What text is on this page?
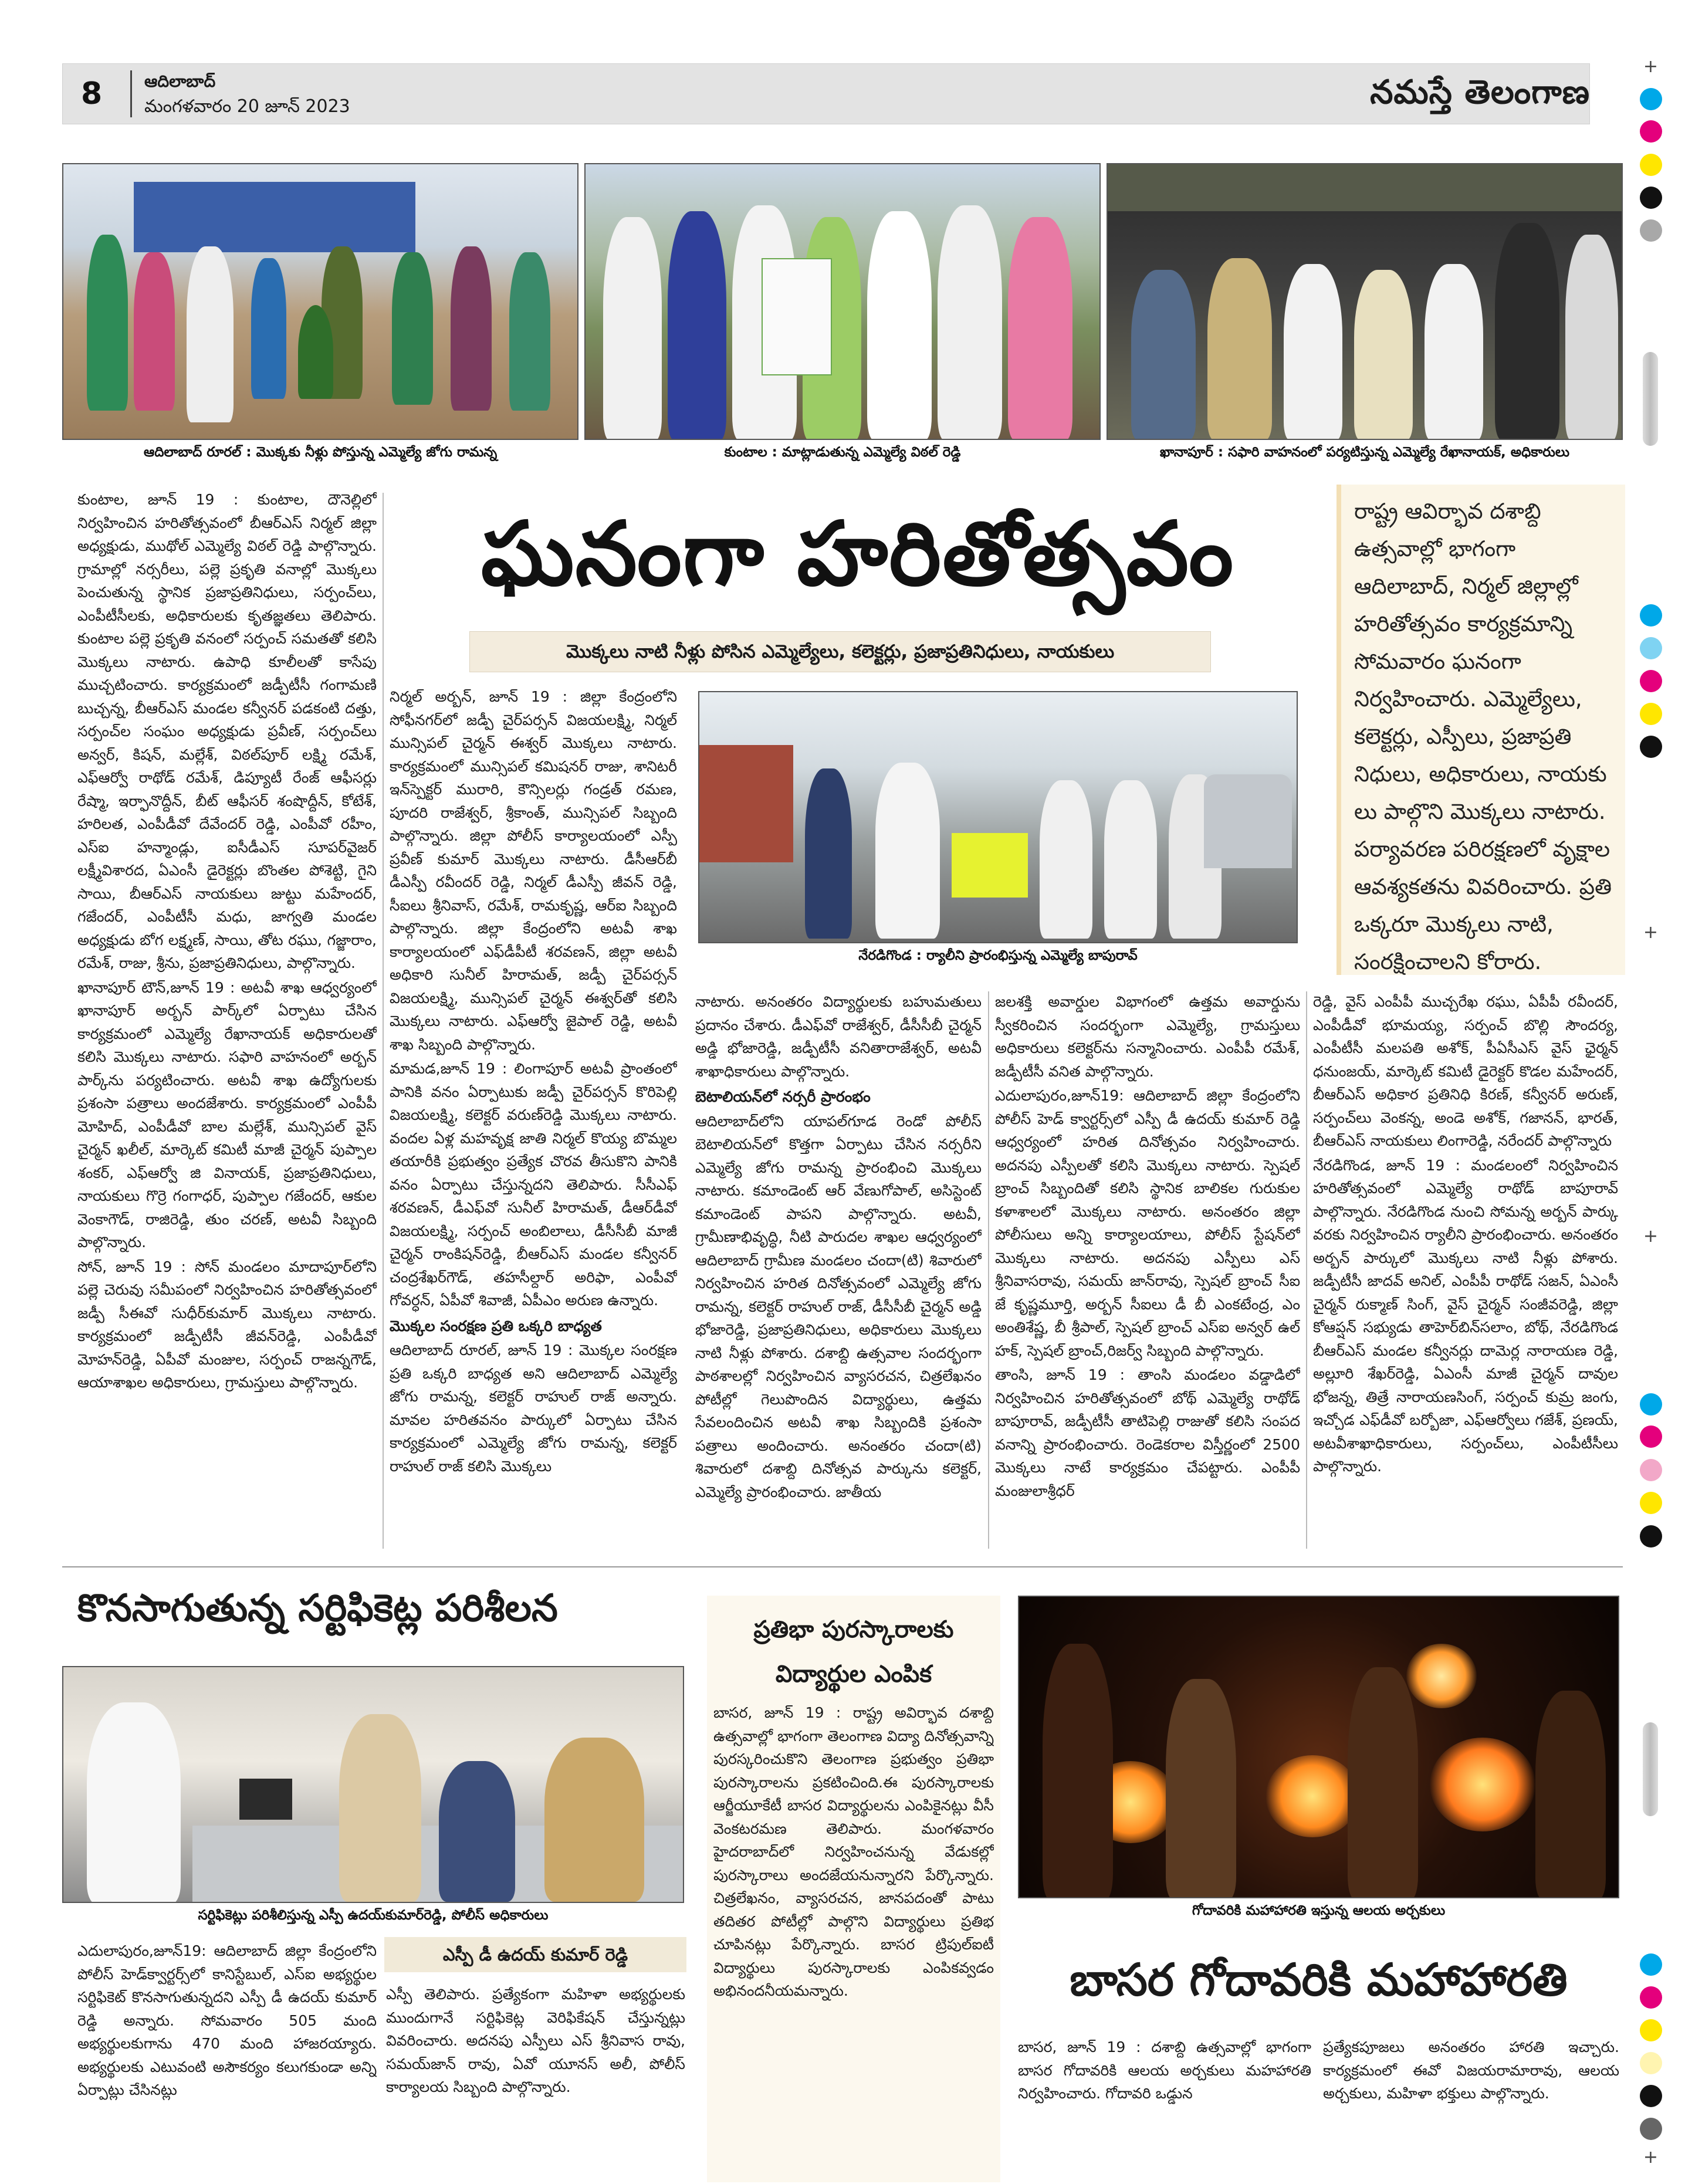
8	ఆదిలాబాద్
మంగళవారం 20 జూన్ 2023	నమస్తే తెలంగాణ
+
+
+
+
ఆదిలాబాద్ రూరల్ : మొక్కకు నీళ్లు పోస్తున్న ఎమ్మెల్యే జోగు రామన్న	కుంటాల : మాట్లాడుతున్న ఎమ్మెల్యే విఠల్ రెడ్డి	ఖానాపూర్ : సఫారి వాహనంలో పర్యటిస్తున్న ఎమ్మెల్యే రేఖానాయక్, అధికారులు
ఘనంగా హరితోత్సవం
మొక్కలు నాటి నీళ్లు పోసిన ఎమ్మెల్యేలు, కలెక్టర్లు, ప్రజాప్రతినిధులు, నాయకులు
రాష్ట్ర ఆవిర్భావ దశాబ్ది ఉత్సవాల్లో భాగంగా ఆదిలాబాద్, నిర్మల్ జిల్లాల్లో హరితోత్సవం కార్యక్రమాన్ని సోమవారం ఘనంగా నిర్వహించారు. ఎమ్మెల్యేలు, కలెక్టర్లు, ఎస్పీలు, ప్రజాప్రతి నిధులు, అధికారులు, నాయకు లు పాల్గొని మొక్కలు నాటారు. పర్యావరణ పరిరక్షణలో వృక్షాల ఆవశ్యకతను వివరించారు. ప్రతి ఒక్కరూ మొక్కలు నాటి, సంరక్షించాలని కోరారు.

కుంటాల, జూన్ 19 : కుంటాల, దౌనెల్లిలో నిర్వహించిన హరితోత్సవంలో బీఆర్ఎస్ నిర్మల్ జిల్లా అధ్యక్షుడు, ముథోల్ ఎమ్మెల్యే విఠల్ రెడ్డి పాల్గొన్నారు. గ్రామాల్లో నర్సరీలు, పల్లె ప్రకృతి వనాల్లో మొక్కలు పెంచుతున్న స్థానిక ప్రజాప్రతినిధులు, సర్పంచ్‌లు, ఎంపీటీసీలకు, అధికారులకు కృతజ్ఞతలు తెలిపారు. కుంటాల పల్లె ప్రకృతి వనంలో సర్పంచ్ సమతతో కలిసి మొక్కలు నాటారు. ఉపాధి కూలీలతో కాసేపు ముచ్చటించారు. కార్యక్రమంలో జడ్పీటీసీ గంగామణి బుచ్చన్న, బీఆర్ఎస్ మండల కన్వీనర్ పడకంటి దత్తు, సర్పంచ్‌ల సంఘం అధ్యక్షుడు ప్రవీణ్, సర్పంచ్‌లు అన్వర్, కిషన్, మల్లేశ్, విఠల్‌పూర్ లక్ష్మి రమేశ్, ఎఫ్ఆర్వో రాథోడ్ రమేశ్, డిప్యూటీ రేంజ్ ఆఫీసర్లు రేష్మా, ఇర్ఫానొద్దీన్, బీట్ ఆఫీసర్ శంషొద్దీన్, కోటేశ్, హరిలత, ఎంపీడీవో దేవేందర్ రెడ్డి, ఎంపీవో రహీం, ఎస్‌ఐ హన్మాండ్లు, ఐసీడీఎస్ సూపర్‌వైజర్ లక్ష్మీవిశారద, ఏఎంసీ డైరెక్టర్లు బొంతల పోశెట్టి, గైని సాయి, బీఆర్ఎస్ నాయకులు జుట్టు మహేందర్, గజేందర్, ఎంపీటీసీ మధు, జాగ్వతి మండల అధ్యక్షుడు బోగ లక్ష్మణ్, సాయి, తోట రఘు, గజ్జారాం, రమేశ్, రాజు, శ్రీను, ప్రజాప్రతినిధులు, పాల్గొన్నారు.

ఖానాపూర్ టౌన్,జూన్ 19 : అటవీ శాఖ ఆధ్వర్యంలో ఖానాపూర్ అర్బన్ పార్క్‌లో ఏర్పాటు చేసిన కార్యక్రమంలో ఎమ్మెల్యే రేఖానాయక్ అధికారులతో కలిసి మొక్కలు నాటారు. సఫారి వాహనంలో అర్బన్ పార్క్‌ను పర్యటించారు. అటవీ శాఖ ఉద్యోగులకు ప్రశంసా పత్రాలు అందజేశారు. కార్యక్రమంలో ఎంపీపీ మోహిద్, ఎంపీడీవో బాల మల్లేశ్, మున్సిపల్ వైస్ చైర్మన్ ఖలీల్, మార్కెట్ కమిటీ మాజీ చైర్మన్ పుప్పాల శంకర్, ఎఫ్ఆర్వో జి వినాయక్, ప్రజాప్రతినిధులు, నాయకులు గొర్రె గంగాధర్, పుప్పాల గజేందర్, ఆకుల వెంకాగౌడ్, రాజిరెడ్డి, తుం చరణ్, అటవీ సిబ్బంది పాల్గొన్నారు.

సోన్, జూన్ 19 : సోన్ మండలం మాదాపూర్‌లోని పల్లె చెరువు సమీపంలో నిర్వహించిన హరితోత్సవంలో జడ్పీ సీఈవో సుధీర్‌కుమార్ మొక్కలు నాటారు. కార్యక్రమంలో జడ్పీటీసీ జీవన్‌రెడ్డి, ఎంపీడీవో మోహన్‌రెడ్డి, ఏపీవో మంజుల, సర్పంచ్ రాజన్నగౌడ్, ఆయాశాఖల అధికారులు, గ్రామస్తులు పాల్గొన్నారు.

నిర్మల్ అర్బన్, జూన్ 19 : జిల్లా కేంద్రంలోని సోఫీనగర్‌లో జడ్పీ చైర్‌పర్సన్ విజయలక్ష్మి, నిర్మల్ మున్సిపల్ చైర్మన్ ఈశ్వర్ మొక్కలు నాటారు. కార్యక్రమంలో మున్సిపల్ కమిషనర్ రాజు, శానిటరీ ఇన్‌స్పెక్టర్ మురారి, కౌన్సిలర్లు గండ్రత్ రమణ, పూదరి రాజేశ్వర్, శ్రీకాంత్, మున్సిపల్ సిబ్బంది పాల్గొన్నారు. జిల్లా పోలీస్ కార్యాలయంలో ఎస్పీ ప్రవీణ్ కుమార్ మొక్కలు నాటారు. డీసీఆర్‌బీ డీఎస్పీ రవీందర్ రెడ్డి, నిర్మల్ డీఎస్పీ జీవన్ రెడ్డి, సీఐలు శ్రీనివాస్, రమేశ్, రామకృష్ణ, ఆర్ఐ సిబ్బంది పాల్గొన్నారు. జిల్లా కేంద్రంలోని అటవీ శాఖ కార్యాలయంలో ఎఫ్‌డీపీటీ శరవణన్, జిల్లా అటవీ అధికారి సునీల్ హిరామత్, జడ్పీ చైర్‌పర్సన్ విజయలక్ష్మి, మున్సిపల్ చైర్మన్ ఈశ్వర్‌తో కలిసి మొక్కలు నాటారు. ఎఫ్ఆర్వో జైపాల్ రెడ్డి, అటవీ శాఖ సిబ్బంది పాల్గొన్నారు.

మామడ,జూన్ 19 : లింగాపూర్ అటవీ ప్రాంతంలో పానికి వనం ఏర్పాటుకు జడ్పీ చైర్‌పర్సన్ కొరిపెల్లి విజయలక్ష్మి, కలెక్టర్ వరుణ్‌రెడ్డి మొక్కలు నాటారు. వందల ఏళ్ల మహవృక్ష జాతి నిర్మల్ కొయ్య బొమ్మల తయారీకి ప్రభుత్వం ప్రత్యేక చొరవ తీసుకొని పానికి వనం ఏర్పాటు చేస్తున్నదని తెలిపారు. సీసీఎఫ్ శరవణన్, డీఎఫ్‌వో సునీల్ హిరామత్, డీఆర్‌డీవో విజయలక్ష్మి, సర్పంచ్ అంబిలాలు, డీసీసీబీ మాజీ చైర్మన్ రాంకిషన్‌రెడ్డి, బీఆర్ఎస్ మండల కన్వీనర్ చంద్రశేఖర్‌గౌడ్, తహసీల్దార్ అరిఫా, ఎంపీవో గోవర్ధన్, ఏపీవో శివాజీ, ఏపీఎం అరుణ ఉన్నారు.

మొక్కల సంరక్షణ ప్రతి ఒక్కరి బాధ్యత

ఆదిలాబాద్ రూరల్, జూన్ 19 : మొక్కల సంరక్షణ ప్రతి ఒక్కరి బాధ్యత అని ఆదిలాబాద్ ఎమ్మెల్యే జోగు రామన్న, కలెక్టర్ రాహుల్ రాజ్ అన్నారు. మావల హరితవనం పార్కులో ఏర్పాటు చేసిన కార్యక్రమంలో ఎమ్మెల్యే జోగు రామన్న, కలెక్టర్ రాహుల్ రాజ్ కలిసి మొక్కలు

నేరడిగొండ : ర్యాలీని ప్రారంభిస్తున్న ఎమ్మెల్యే బాపురావ్

నాటారు. అనంతరం విద్యార్థులకు బహుమతులు ప్రదానం చేశారు. డీఎఫ్‌వో రాజేశ్వర్, డీసీసీబీ చైర్మన్ అడ్డి భోజారెడ్డి, జడ్పీటీసీ వనితారాజేశ్వర్, అటవీ శాఖాధికారులు పాల్గొన్నారు.

బెటాలియన్‌లో నర్సరీ ప్రారంభం

ఆదిలాబాద్‌లోని యాపల్‌గూడ రెండో పోలీస్ బెటాలియన్‌లో కొత్తగా ఏర్పాటు చేసిన నర్సరీని ఎమ్మెల్యే జోగు రామన్న ప్రారంభించి మొక్కలు నాటారు. కమాండెంట్ ఆర్ వేణుగోపాల్, అసిస్టెంట్ కమాండెంట్ పాపని పాల్గొన్నారు. అటవీ, గ్రామీణాభివృద్ధి, నీటి పారుదల శాఖల ఆధ్వర్యంలో ఆదిలాబాద్ గ్రామీణ మండలం చందా(టి) శివారులో నిర్వహించిన హరిత దినోత్సవంలో ఎమ్మెల్యే జోగు రామన్న, కలెక్టర్ రాహుల్ రాజ్, డీసీసీబీ చైర్మన్ అడ్డి భోజారెడ్డి, ప్రజాప్రతినిధులు, అధికారులు మొక్కలు నాటి నీళ్లు పోశారు. దశాబ్ది ఉత్సవాల సందర్భంగా పాఠశాలల్లో నిర్వహించిన వ్యాసరచన, చిత్రలేఖనం పోటీల్లో గెలుపొందిన విద్యార్థులు, ఉత్తమ సేవలందించిన అటవీ శాఖ సిబ్బందికి ప్రశంసా పత్రాలు అందించారు. అనంతరం చందా(టి) శివారులో దశాబ్ది దినోత్సవ పార్కును కలెక్టర్, ఎమ్మెల్యే ప్రారంభించారు. జాతీయ

జలశక్తి అవార్డుల విభాగంలో ఉత్తమ అవార్డును స్వీకరించిన సందర్భంగా ఎమ్మెల్యే, గ్రామస్తులు అధికారులు కలెక్టర్‌ను సన్మానించారు. ఎంపీపీ రమేశ్, జడ్పీటీసీ వనిత పాల్గొన్నారు.

ఎదులాపురం,జూన్19: ఆదిలాబాద్ జిల్లా కేంద్రంలోని పోలీస్ హెడ్ క్వార్టర్స్‌లో ఎస్పీ డీ ఉదయ్ కుమార్ రెడ్డి ఆధ్వర్యంలో హరిత దినోత్సవం నిర్వహించారు. అదనపు ఎస్పీలతో కలిసి మొక్కలు నాటారు. స్పెషల్ బ్రాంచ్ సిబ్బందితో కలిసి స్థానిక బాలికల గురుకుల కళాశాలలో మొక్కలు నాటారు. అనంతరం జిల్లా పోలీసులు అన్ని కార్యాలయాలు, పోలీస్ స్టేషన్‌లో మొక్కలు నాటారు. అదనపు ఎస్పీలు ఎస్ శ్రీనివాసరావు, సమయ్ జాన్‌రావు, స్పెషల్ బ్రాంచ్ సీఐ జే కృష్ణమూర్తి, అర్బన్ సీఐలు డీ బీ ఎంకటేంద్ర, ఎం అంతిశేష్ణ, బీ శ్రీపాల్, స్పెషల్ బ్రాంచ్ ఎస్‌ఐ అన్వర్ ఉల్ హక్, స్పెషల్ బ్రాంచ్,రిజర్వ్ సిబ్బంది పాల్గొన్నారు.

తాంసి, జూన్ 19 : తాంసి మండలం వడ్డాడిలో నిర్వహించిన హరితోత్సవంలో బోథ్ ఎమ్మెల్యే రాథోడ్ బాపూరావ్, జడ్పీటీసీ తాటిపెల్లి రాజుతో కలిసి సంపద వనాన్ని ప్రారంభించారు. రెండెకరాల విస్తీర్ణంలో 2500 మొక్కలు నాటే కార్యక్రమం చేపట్టారు. ఎంపీపీ మంజులాశ్రీధర్

రెడ్డి, వైస్ ఎంపీపీ ముచ్చరేఖ రఘు, ఏపీపీ రవీందర్, ఎంపీడీవో భూమయ్య, సర్పంచ్ బొల్లి సౌందర్య, ఎంపీటీసీ మలపతి అశోక్, పీఏసీఎస్ వైస్ ఛైర్మన్ ధనుంజయ్, మార్కెట్ కమిటీ డైరెక్టర్ కొడల మహేందర్, బీఆర్ఎస్ అధికార ప్రతినిధి కిరణ్, కన్వీనర్ అరుణ్, సర్పంచ్‌లు వెంకన్న, అండె అశోక్, గజానన్, భారత్, బీఆర్ఎస్ నాయకులు లింగారెడ్డి, నరేందర్ పాల్గొన్నారు

నేరడిగొండ, జూన్ 19 : మండలంలో నిర్వహించిన హరితోత్సవంలో ఎమ్మెల్యే రాథోడ్ బాపూరావ్ పాల్గొన్నారు. నేరడిగొండ నుంచి సోమన్న అర్బన్ పార్కు వరకు నిర్వహించిన ర్యాలీని ప్రారంభించారు. అనంతరం అర్బన్ పార్కులో మొక్కలు నాటి నీళ్లు పోశారు. జడ్పీటీసీ జాదవ్ అనిల్, ఎంపీపీ రాథోడ్ సజన్, ఏఎంసీ చైర్మన్ రుక్మాణ్ సింగ్, వైస్ చైర్మన్ సంజీవరెడ్డి, జిల్లా కోఆప్షన్ సభ్యుడు తాహెర్‌బిన్‌సలాం, బోథ్, నేరడిగొండ బీఆర్ఎస్ మండల కన్వీనర్లు దామెర్ల నారాయణ రెడ్డి, అల్లూరి శేఖర్‌రెడ్డి, ఏఎంసీ మాజీ చైర్మన్ దావుల భోజన్న, తిత్రే నారాయణసింగ్, సర్పంచ్ కుమ్ర జంగు, ఇచ్చోడ ఎఫ్‌డీవో బర్బోజా, ఎఫ్ఆర్వోలు గజేశ్, ప్రణయ్, అటవీశాఖాధికారులు, సర్పంచ్‌లు, ఎంపీటీసీలు పాల్గొన్నారు.

కొనసాగుతున్న సర్టిఫికెట్ల పరిశీలన
సర్టిఫికెట్లు పరిశీలిస్తున్న ఎస్పీ ఉదయ్‌కుమార్‌రెడ్డి, పోలీస్ అధికారులు
ఎస్పీ డీ ఉదయ్ కుమార్ రెడ్డి

ఎదులాపురం,జూన్19: ఆదిలాబాద్ జిల్లా కేంద్రంలోని పోలీస్ హెడ్‌క్వార్టర్స్‌లో కానిస్టేబుల్, ఎస్‌ఐ అభ్యర్థుల సర్టిఫికెట్ కొనసాగుతున్నదని ఎస్పీ డీ ఉదయ్ కుమార్ రెడ్డి అన్నారు. సోమవారం 505 మంది అభ్యర్థులకుగాను 470 మంది హాజరయ్యారు. అభ్యర్థులకు ఎటువంటి అసౌకర్యం కలుగకుండా అన్ని ఏర్పాట్లు చేసినట్లు

ఎస్పీ తెలిపారు. ప్రత్యేకంగా మహిళా అభ్యర్థులకు ముందుగానే సర్టిఫికెట్ల వెరిఫికేషన్ చేస్తున్నట్లు వివరించారు. అదనపు ఎస్పీలు ఎస్ శ్రీనివాస రావు, సమయ్‌జాన్ రావు, ఏవో యూనస్ అలీ, పోలీస్ కార్యాలయ సిబ్బంది పాల్గొన్నారు.

ప్రతిభా పురస్కారాలకు విద్యార్థుల ఎంపిక

బాసర, జూన్ 19 : రాష్ట్ర అవిర్భావ దశాబ్ది ఉత్సవాల్లో భాగంగా తెలంగాణ విద్యా దినోత్సవాన్ని పురస్కరించుకొని తెలంగాణ ప్రభుత్వం ప్రతిభా పురస్కారాలను ప్రకటించింది.ఈ పురస్కారాలకు ఆర్జీయూకేటీ బాసర విద్యార్థులను ఎంపికైనట్లు వీసీ వెంకటరమణ తెలిపారు. మంగళవారం హైదరాబాద్‌లో నిర్వహించనున్న వేడుకల్లో పురస్కారాలు అందజేయనున్నారని పేర్కొన్నారు. చిత్రలేఖనం, వ్యాసరచన, జానపదంతో పాటు తదితర పోటీల్లో పాల్గొని విద్యార్థులు ప్రతిభ చూపినట్లు పేర్కొన్నారు. బాసర ట్రిపుల్‌ఐటీ విద్యార్థులు పురస్కారాలకు ఎంపికవ్వడం అభినందనీయమన్నారు.

గోదావరికి మహాహారతి ఇస్తున్న ఆలయ అర్చకులు
బాసర గోదావరికి మహాహారతి

బాసర, జూన్ 19 : దశాబ్ది ఉత్సవాల్లో భాగంగా బాసర గోదావరికి ఆలయ అర్చకులు మహహారతి నిర్వహించారు. గోదావరి ఒడ్డున

ప్రత్యేకపూజలు అనంతరం హారతి ఇచ్చారు. కార్యక్రమంలో ఈవో విజయరామారావు, ఆలయ అర్చకులు, మహిళా భక్తులు పాల్గొన్నారు.
